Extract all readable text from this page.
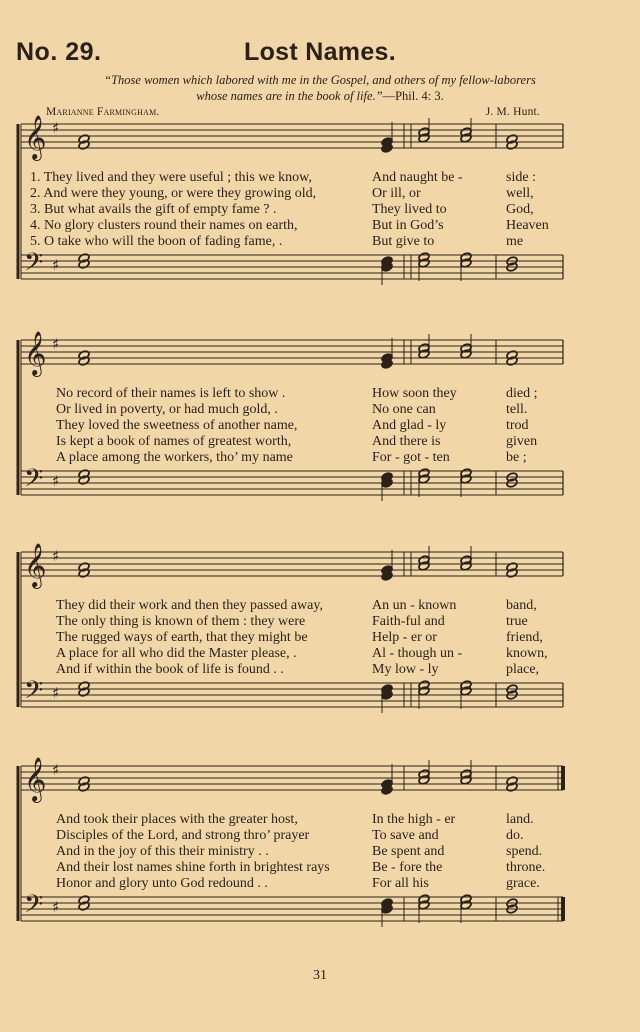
No. 29.	Lost Names.
“Those women which labored with me in the Gospel, and others of my fellow-laborers
whose names are in the book of life.”—Phil. 4: 3.
Marianne Farmingham.	J. M. Hunt.
𝄞
𝄢
♯
♯
1. They lived and they were useful ; this we know,	And naught be -	side :
2. And were they young, or were they growing old,	Or ill, or	well,
3. But what avails the gift of empty fame ? .	They lived to	God,
4. No glory clusters round their names on earth,	But in God’s	Heaven
5. O take who will the boon of fading fame, .	But give to	me
𝄞
𝄢
♯
♯
No record of their names is left to show .	How soon they	died ;
Or lived in poverty, or had much gold, .	No one can	tell.
They loved the sweetness of another name,	And glad - ly	trod
Is kept a book of names of greatest worth,	And there is	given
A place among the workers, tho’ my name	For - got - ten	be ;
𝄞
𝄢
♯
♯
They did their work and then they passed away,	An un - known	band,
The only thing is known of them : they were	Faith-ful and	true
The rugged ways of earth, that they might be	Help - er or	friend,
A place for all who did the Master please, .	Al - though un -	known,
And if within the book of life is found . .	My low - ly	place,
𝄞
𝄢
♯
♯
And took their places with the greater host,	In the high - er	land.
Disciples of the Lord, and strong thro’ prayer	To save and	do.
And in the joy of this their ministry . .	Be spent and	spend.
And their lost names shine forth in brightest rays	Be - fore the	throne.
Honor and glory unto God redound . .	For all his	grace.
31
